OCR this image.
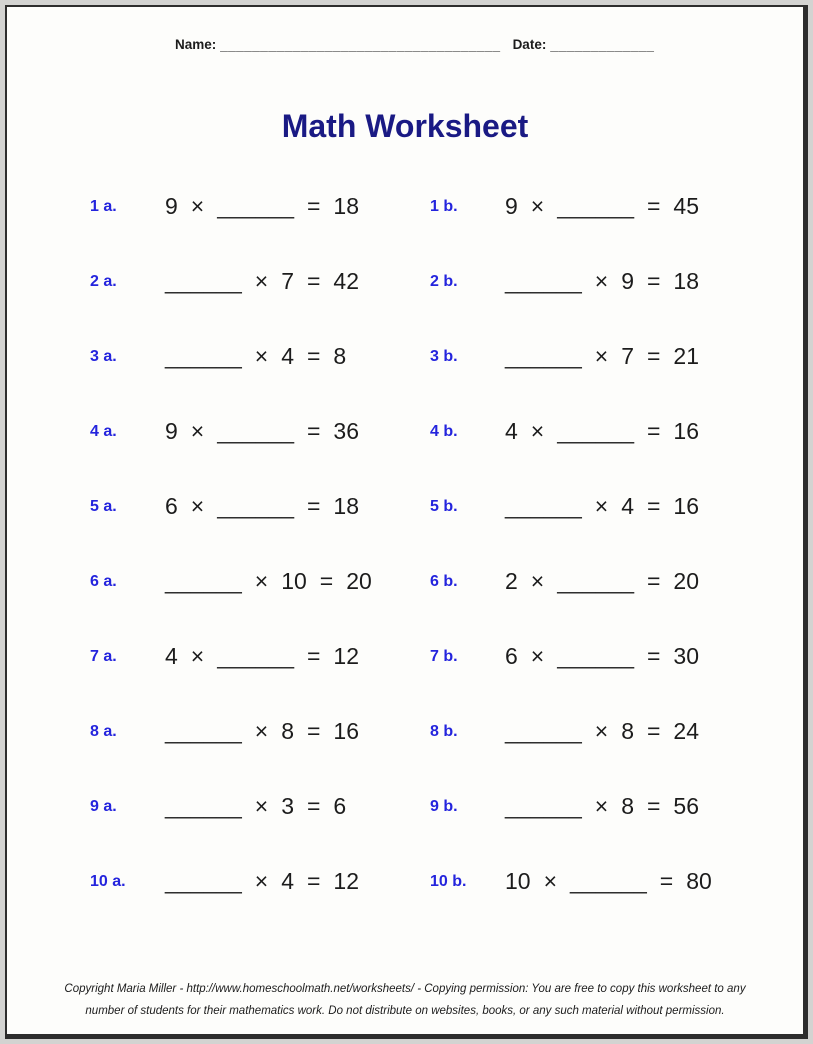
Name: ___________________________________ Date: _____________
Math Worksheet
1 a.	9 × ______ = 18	1 b.	9 × ______ = 45
2 a.	______ × 7 = 42	2 b.	______ × 9 = 18
3 a.	______ × 4 = 8	3 b.	______ × 7 = 21
4 a.	9 × ______ = 36	4 b.	4 × ______ = 16
5 a.	6 × ______ = 18	5 b.	______ × 4 = 16
6 a.	______ × 10 = 20	6 b.	2 × ______ = 20
7 a.	4 × ______ = 12	7 b.	6 × ______ = 30
8 a.	______ × 8 = 16	8 b.	______ × 8 = 24
9 a.	______ × 3 = 6	9 b.	______ × 8 = 56
10 a.	______ × 4 = 12	10 b.	10 × ______ = 80
Copyright Maria Miller - http://www.homeschoolmath.net/worksheets/ - Copying permission: You are free to copy this worksheet to any
number of students for their mathematics work. Do not distribute on websites, books, or any such material without permission.
